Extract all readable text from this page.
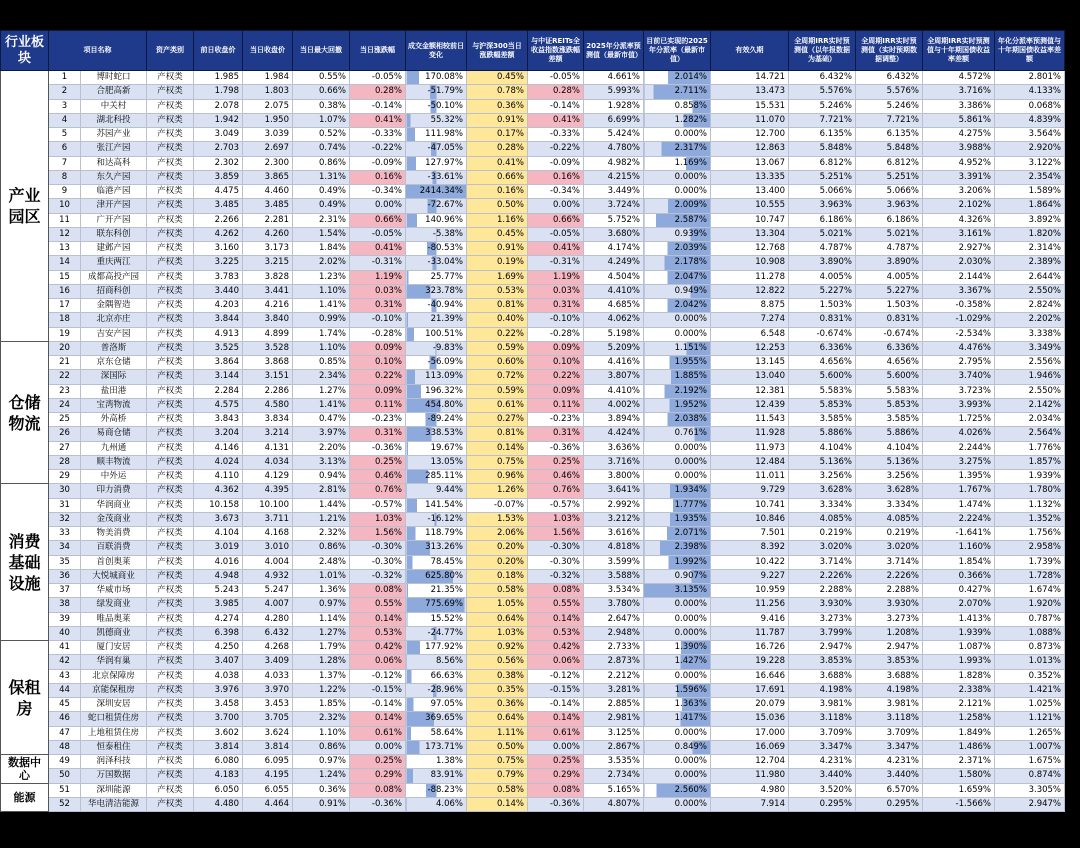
行业板块	项目名称		资产类别	前日收盘价	当日收盘价	当日最大回撤	当日涨跌幅	成交金额相较前日变化	与沪深300当日涨跌幅差额	与中证REITs全收益指数涨跌幅差额	2025年分派率预测值（最新市值）	目前已实现的2025年分派率（最新市值）	有效久期	全周期IRR实时预测值（以年报数据为基础）	全周期IRR实时预测值（实时预期数据调整）	全周期IRR实时预测值与十年期国债收益率差额	年化分派率预测值与十年期国债收益率差额
产业园区	1	博时蛇口	产权类	1.985	1.984	0.55%	-0.05%	170.08%	0.45%	-0.05%	4.661%	2.014%	14.721	6.432%	6.432%	4.572%	2.801%
	2	合肥高新	产权类	1.798	1.803	0.66%	0.28%	-51.79%	0.78%	0.28%	5.993%	2.711%	13.473	5.576%	5.576%	3.716%	4.133%
	3	中关村	产权类	2.078	2.075	0.38%	-0.14%	-50.10%	0.36%	-0.14%	1.928%	0.858%	15.531	5.246%	5.246%	3.386%	0.068%
	4	湖北科投	产权类	1.942	1.950	1.07%	0.41%	55.32%	0.91%	0.41%	6.699%	1.282%	11.070	7.721%	7.721%	5.861%	4.839%
	5	苏园产业	产权类	3.049	3.039	0.52%	-0.33%	111.98%	0.17%	-0.33%	5.424%	0.000%	12.700	6.135%	6.135%	4.275%	3.564%
	6	张江产园	产权类	2.703	2.697	0.74%	-0.22%	-47.05%	0.28%	-0.22%	4.780%	2.317%	12.863	5.848%	5.848%	3.988%	2.920%
	7	和达高科	产权类	2.302	2.300	0.86%	-0.09%	127.97%	0.41%	-0.09%	4.982%	1.169%	13.067	6.812%	6.812%	4.952%	3.122%
	8	东久产园	产权类	3.859	3.865	1.31%	0.16%	-33.61%	0.66%	0.16%	4.215%	0.000%	13.335	5.251%	5.251%	3.391%	2.354%
	9	临港产园	产权类	4.475	4.460	0.49%	-0.34%	2414.34%	0.16%	-0.34%	3.449%	0.000%	13.400	5.066%	5.066%	3.206%	1.589%
	10	津开产园	产权类	3.485	3.485	0.49%	0.00%	-72.67%	0.50%	0.00%	3.724%	2.009%	10.555	3.963%	3.963%	2.102%	1.864%
	11	广开产园	产权类	2.266	2.281	2.31%	0.66%	140.96%	1.16%	0.66%	5.752%	2.587%	10.747	6.186%	6.186%	4.326%	3.892%
	12	联东科创	产权类	4.262	4.260	1.54%	-0.05%	-5.38%	0.45%	-0.05%	3.680%	0.939%	13.304	5.021%	5.021%	3.161%	1.820%
	13	建邺产园	产权类	3.160	3.173	1.84%	0.41%	-80.53%	0.91%	0.41%	4.174%	2.039%	12.768	4.787%	4.787%	2.927%	2.314%
	14	重庆两江	产权类	3.225	3.215	2.02%	-0.31%	-33.04%	0.19%	-0.31%	4.249%	2.178%	10.908	3.890%	3.890%	2.030%	2.389%
	15	成都高投产园	产权类	3.783	3.828	1.23%	1.19%	25.77%	1.69%	1.19%	4.504%	2.047%	11.278	4.005%	4.005%	2.144%	2.644%
	16	招商科创	产权类	3.440	3.441	1.10%	0.03%	323.78%	0.53%	0.03%	4.410%	0.949%	12.822	5.227%	5.227%	3.367%	2.550%
	17	金隅智造	产权类	4.203	4.216	1.41%	0.31%	-40.94%	0.81%	0.31%	4.685%	2.042%	8.875	1.503%	1.503%	-0.358%	2.824%
	18	北京亦庄	产权类	3.844	3.840	0.99%	-0.10%	21.39%	0.40%	-0.10%	4.062%	0.000%	7.274	0.831%	0.831%	-1.029%	2.202%
	19	吉安产园	产权类	4.913	4.899	1.74%	-0.28%	100.51%	0.22%	-0.28%	5.198%	0.000%	6.548	-0.674%	-0.674%	-2.534%	3.338%
仓储物流	20	普洛斯	产权类	3.525	3.528	1.10%	0.09%	-9.83%	0.59%	0.09%	5.209%	1.151%	12.253	6.336%	6.336%	4.476%	3.349%
	21	京东仓储	产权类	3.864	3.868	0.85%	0.10%	-56.09%	0.60%	0.10%	4.416%	1.955%	13.145	4.656%	4.656%	2.795%	2.556%
	22	深国际	产权类	3.144	3.151	2.34%	0.22%	113.09%	0.72%	0.22%	3.807%	1.885%	13.040	5.600%	5.600%	3.740%	1.946%
	23	盐田港	产权类	2.284	2.286	1.27%	0.09%	196.32%	0.59%	0.09%	4.410%	2.192%	12.381	5.583%	5.583%	3.723%	2.550%
	24	宝湾物流	产权类	4.575	4.580	1.41%	0.11%	454.80%	0.61%	0.11%	4.002%	1.952%	12.439	5.853%	5.853%	3.993%	2.142%
	25	外高桥	产权类	3.843	3.834	0.47%	-0.23%	-89.24%	0.27%	-0.23%	3.894%	2.038%	11.543	3.585%	3.585%	1.725%	2.034%
	26	易商仓储	产权类	3.204	3.214	3.97%	0.31%	338.53%	0.81%	0.31%	4.424%	0.761%	11.928	5.886%	5.886%	4.026%	2.564%
	27	九州通	产权类	4.146	4.131	2.20%	-0.36%	19.67%	0.14%	-0.36%	3.636%	0.000%	11.973	4.104%	4.104%	2.244%	1.776%
	28	顺丰物流	产权类	4.024	4.034	3.13%	0.25%	13.05%	0.75%	0.25%	3.716%	0.000%	12.484	5.136%	5.136%	3.275%	1.857%
	29	中外运	产权类	4.110	4.129	0.94%	0.46%	285.11%	0.96%	0.46%	3.800%	0.000%	11.011	3.256%	3.256%	1.395%	1.939%
消费基础设施	30	印力消费	产权类	4.362	4.395	2.81%	0.76%	9.44%	1.26%	0.76%	3.641%	1.934%	9.729	3.628%	3.628%	1.767%	1.780%
	31	华润商业	产权类	10.158	10.100	1.44%	-0.57%	141.54%	-0.07%	-0.57%	2.992%	1.777%	10.741	3.334%	3.334%	1.474%	1.132%
	32	金茂商业	产权类	3.673	3.711	1.21%	1.03%	-16.12%	1.53%	1.03%	3.212%	1.935%	10.846	4.085%	4.085%	2.224%	1.352%
	33	物美消费	产权类	4.104	4.168	2.32%	1.56%	118.79%	2.06%	1.56%	3.616%	2.071%	7.501	0.219%	0.219%	-1.641%	1.756%
	34	百联消费	产权类	3.019	3.010	0.86%	-0.30%	313.26%	0.20%	-0.30%	4.818%	2.398%	8.392	3.020%	3.020%	1.160%	2.958%
	35	首创奥莱	产权类	4.016	4.004	2.48%	-0.30%	78.45%	0.20%	-0.30%	3.599%	1.992%	10.422	3.714%	3.714%	1.854%	1.739%
	36	大悦城商业	产权类	4.948	4.932	1.01%	-0.32%	625.80%	0.18%	-0.32%	3.588%	0.907%	9.227	2.226%	2.226%	0.366%	1.728%
	37	华威市场	产权类	5.243	5.247	1.36%	0.08%	21.35%	0.58%	0.08%	3.534%	3.135%	10.959	2.288%	2.288%	0.427%	1.674%
	38	绿发商业	产权类	3.985	4.007	0.97%	0.55%	775.69%	1.05%	0.55%	3.780%	0.000%	11.256	3.930%	3.930%	2.070%	1.920%
	39	唯品奥莱	产权类	4.274	4.280	1.14%	0.14%	15.52%	0.64%	0.14%	2.647%	0.000%	9.416	3.273%	3.273%	1.413%	0.787%
	40	凯德商业	产权类	6.398	6.432	1.27%	0.53%	-24.77%	1.03%	0.53%	2.948%	0.000%	11.787	3.799%	1.208%	1.939%	1.088%
保租房	41	厦门安居	产权类	4.250	4.268	1.79%	0.42%	177.92%	0.92%	0.42%	2.733%	1.390%	16.726	2.947%	2.947%	1.087%	0.873%
	42	华润有巢	产权类	3.407	3.409	1.28%	0.06%	8.56%	0.56%	0.06%	2.873%	1.427%	19.228	3.853%	3.853%	1.993%	1.013%
	43	北京保障房	产权类	4.038	4.033	1.37%	-0.12%	66.63%	0.38%	-0.12%	2.212%	0.000%	16.646	3.688%	3.688%	1.828%	0.352%
	44	京能保租房	产权类	3.976	3.970	1.22%	-0.15%	-28.96%	0.35%	-0.15%	3.281%	1.596%	17.691	4.198%	4.198%	2.338%	1.421%
	45	深圳安居	产权类	3.458	3.453	1.85%	-0.14%	97.05%	0.36%	-0.14%	2.885%	1.363%	20.079	3.981%	3.981%	2.121%	1.025%
	46	蛇口租赁住房	产权类	3.700	3.705	2.32%	0.14%	369.65%	0.64%	0.14%	2.981%	1.417%	15.036	3.118%	3.118%	1.258%	1.121%
	47	上地租赁住房	产权类	3.602	3.624	1.10%	0.61%	58.64%	1.11%	0.61%	3.125%	0.000%	17.000	3.709%	3.709%	1.849%	1.265%
	48	恒泰租住	产权类	3.814	3.814	0.86%	0.00%	173.71%	0.50%	0.00%	2.867%	0.849%	16.069	3.347%	3.347%	1.486%	1.007%
数据中心	49	润泽科技	产权类	6.080	6.095	0.97%	0.25%	1.38%	0.75%	0.25%	3.535%	0.000%	12.704	4.231%	4.231%	2.371%	1.675%
	50	万国数据	产权类	4.183	4.195	1.24%	0.29%	83.91%	0.79%	0.29%	2.734%	0.000%	11.980	3.440%	3.440%	1.580%	0.874%
能源	51	深圳能源	产权类	6.050	6.055	0.36%	0.08%	-88.23%	0.58%	0.08%	5.165%	2.560%	4.980	3.520%	6.570%	1.659%	3.305%
	52	华电清洁能源	产权类	4.480	4.464	0.91%	-0.36%	4.06%	0.14%	-0.36%	4.807%	0.000%	7.914	0.295%	0.295%	-1.566%	2.947%
